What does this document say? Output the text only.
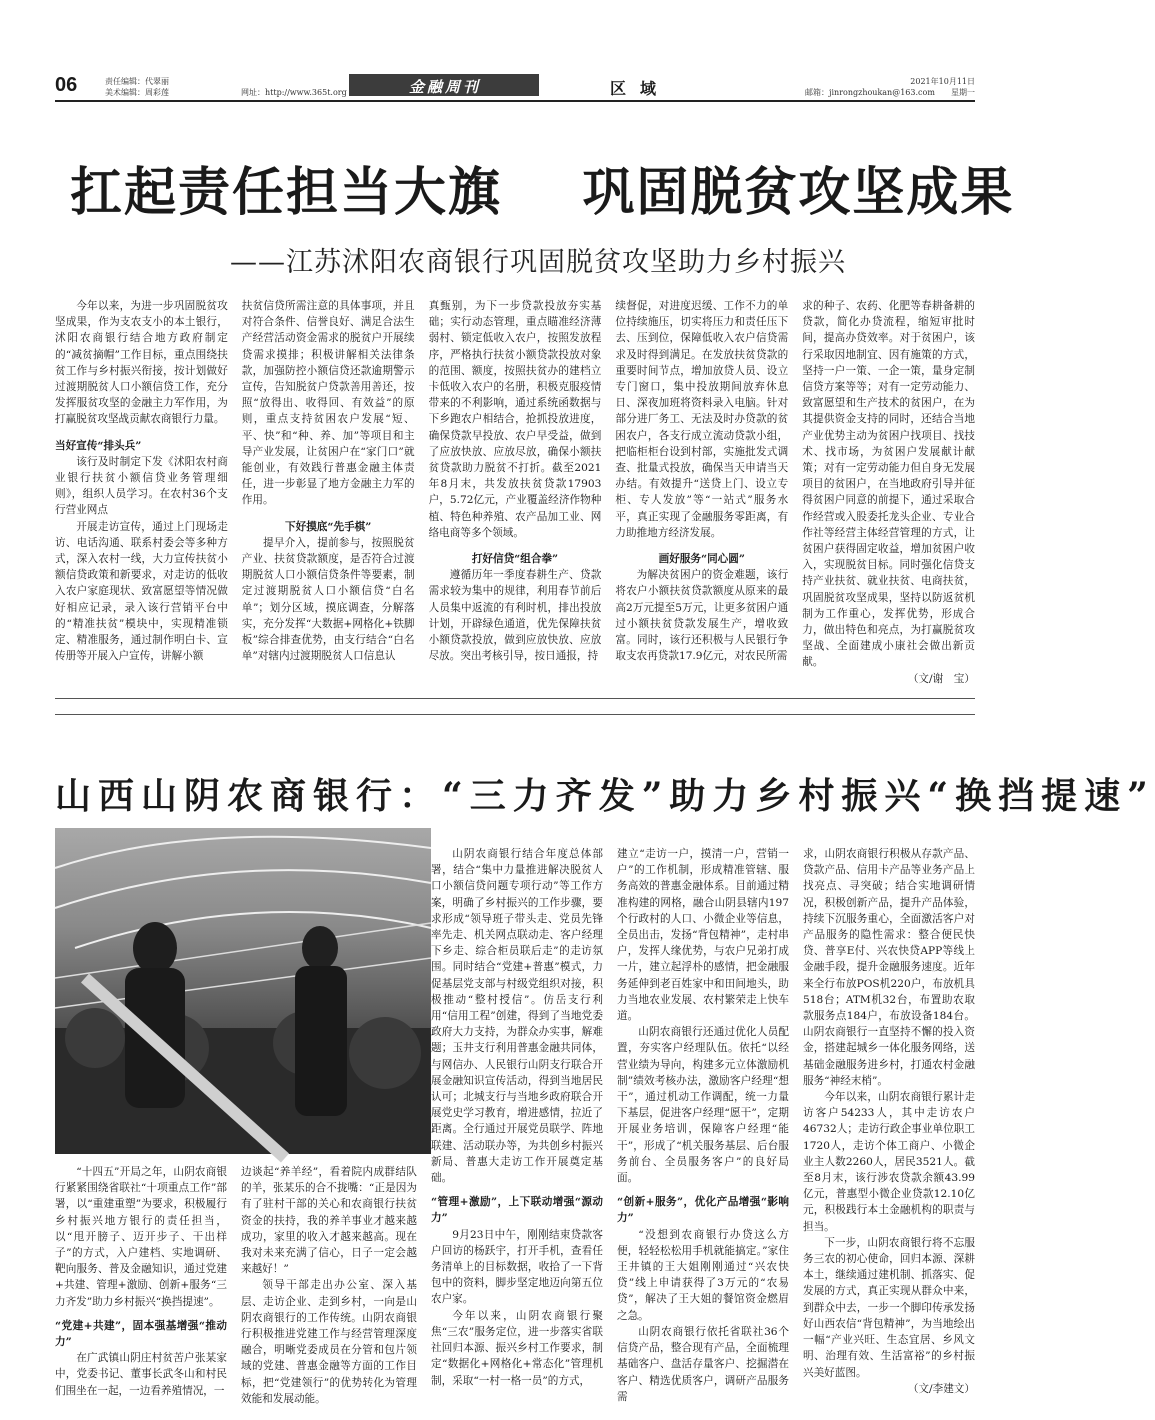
06	责任编辑：代翠丽
美术编辑：周彩莲	网址：http://www.365t.org	金融周刊	区域	邮箱：jinrongzhoukan@163.com
2021年10月11日
星期一
扛起责任担当大旗    巩固脱贫攻坚成果
——江苏沭阳农商银行巩固脱贫攻坚助力乡村振兴

今年以来，为进一步巩固脱贫攻坚成果，作为支农支小的本土银行，沭阳农商银行结合地方政府制定的“减贫摘帽”工作目标，重点围绕扶贫工作与乡村振兴衔接，按计划做好过渡期脱贫人口小额信贷工作，充分发挥服贫攻坚的金融主力军作用，为打赢脱贫攻坚战贡献农商银行力量。

当好宣传“排头兵”

该行及时制定下发《沭阳农村商业银行扶贫小额信贷业务管理细则》，组织人员学习。在农村36个支行营业网点

开展走访宣传，通过上门现场走访、电话沟通、联系村委会等多种方式，深入农村一线，大力宣传扶贫小额信贷政策和新要求，对走访的低收入农户家庭现状、致富愿望等情况做好相应记录，录入该行营销平台中的“精准扶贫”模块中，实现精准锁定、精准服务，通过制作明白卡、宣传册等开展入户宣传，讲解小额

扶贫信贷所需注意的具体事项，并且对符合条件、信誉良好、满足合法生产经营活动资金需求的脱贫户开展续贷需求摸排；积极讲解相关法律条款，加强防控小额信贷还款逾期警示宣传，告知脱贫户贷款善用善还，按照“放得出、收得回、有效益”的原则，重点支持贫困农户发展“短、平、快”和“种、养、加”等项目和主导产业发展，让贫困户在“家门口”就能创业，有效践行普惠金融主体责任，进一步彰显了地方金融主力军的作用。

下好摸底“先手棋”

提早介入，提前参与，按照脱贫产业、扶贫贷款额度，是否符合过渡期脱贫人口小额信贷条件等要素，制定过渡期脱贫人口小额信贷“白名单”；划分区域，摸底调查，分解落实，充分发挥“大数据+网格化+铁脚板”综合排查优势，由支行结合“白名单”对辖内过渡期脱贫人口信息认

真甄别，为下一步贷款投放夯实基础；实行动态管理，重点瞄准经济薄弱村、锁定低收入农户，按照发放程序，严格执行扶贫小额贷款投放对象的范围、额度，按照扶贫办的建档立卡低收入农户的名册，积极克服疫情带来的不利影响，通过系统函数据与下乡跑农户相结合，抢抓投放进度，确保贷款早投放、农户早受益，做到了应放快放、应放尽放，确保小额扶贫贷款助力脱贫不打折。截至2021年8月末，共发放扶贫贷款17903户，5.72亿元，产业覆盖经济作物种植、特色种养殖、农产品加工业、网络电商等多个领域。

打好信贷“组合拳”

遵循历年一季度春耕生产、贷款需求较为集中的规律，利用春节前后人员集中返流的有利时机，排出投放计划，开辟绿色通道，优先保障扶贫小额贷款投放，做到应放快放、应放尽放。突出考核引导，按日通报，持

续督促，对进度迟缓、工作不力的单位持续施压，切实将压力和责任压下去、压到位，保障低收入农户信贷需求及时得到满足。在发放扶贫贷款的重要时间节点，增加放贷人员、设立专门窗口，集中投放期间放弃休息日、深夜加班将资料录入电脑。针对部分进厂务工、无法及时办贷款的贫困农户，各支行成立流动贷款小组，把临柜柜台设到村部，实施批发式调查、批量式投放，确保当天申请当天办结。有效提升“送贷上门、设立专柜、专人发放”等“一站式”服务水平，真正实现了金融服务零距离，有力助推地方经济发展。

画好服务“同心圆”

为解决贫困户的资金难题，该行将农户小额扶贫贷款额度从原来的最高2万元提至5万元，让更多贫困户通过小额扶贫贷款发展生产，增收致富。同时，该行还积极与人民银行争取支农再贷款17.9亿元，对农民所需

求的种子、农药、化肥等春耕备耕的贷款，简化办贷流程，缩短审批时间，提高办贷效率。对于贫困户，该行采取因地制宜、因有施策的方式，坚持一户一策、一企一策，量身定制信贷方案等等；对有一定劳动能力、致富愿望和生产技术的贫困户，在为其提供资金支持的同时，还结合当地产业优势主动为贫困户找项目、找技术、找市场，为贫困户发展献计献策；对有一定劳动能力但自身无发展项目的贫困户，在当地政府引导并征得贫困户同意的前提下，通过采取合作经营或入股委托龙头企业、专业合作社等经营主体经营管理的方式，让贫困户获得固定收益，增加贫困户收入，实现脱贫目标。同时强化信贷支持产业扶贫、就业扶贫、电商扶贫，巩固脱贫攻坚成果，坚持以防返贫机制为工作重心，发挥优势，形成合力，做出特色和亮点，为打赢脱贫攻坚战、全面建成小康社会做出新贡献。

（文/谢　宝）
山西山阴农商银行：“三力齐发”助力乡村振兴“换挡提速”

“十四五”开局之年，山阴农商银行紧紧围绕省联社“十项重点工作”部署，以“重建重塑”为要求，积极履行乡村振兴地方银行的责任担当，以“甩开膀子、迈开步子、干出样子”的方式，入户建档、实地调研、靶向服务、普及金融知识，通过党建+共建、管理+激励、创新+服务“三力齐发”助力乡村振兴“换挡提速”。

“党建+共建”，固本强基增强“推动力”

在广武镇山阴庄村贫苦户张某家中，党委书记、董事长武冬山和村民们围坐在一起，一边看养殖情况，一

边谈起“养羊经”，看着院内成群结队的羊，张某乐的合不拢嘴：“正是因为有了驻村干部的关心和农商银行扶贫资金的扶持，我的养羊事业才越来越成功，家里的收入才越来越高。现在我对未来充满了信心，日子一定会越来越好！”

领导干部走出办公室、深入基层、走访企业、走到乡村，一向是山阴农商银行的工作传统。山阴农商银行积极推进党建工作与经营管理深度融合，明晰党委成员在分管和包片领域的党建、普惠金融等方面的工作目标，把“党建领行”的优势转化为管理效能和发展动能。

山阴农商银行结合年度总体部署，结合“集中力量推进解决脱贫人口小额信贷问题专项行动”等工作方案，明确了乡村振兴的工作步骤，要求形成“领导班子带头走、党员先锋率先走、机关网点联动走、客户经理下乡走、综合柜员联后走”的走访氛围。同时结合“党建+普惠”模式，力促基层党支部与村级党组织对接，积极推动“整村授信”。仿岳支行利用“信用工程”创建，得到了当地党委政府大力支持，为群众办实事，解难题；玉井支行利用普惠金融共同体，与网信办、人民银行山阴支行联合开展金融知识宣传活动，得到当地居民认可；北城支行与当地乡政府联合开展党史学习教育，增进感情，拉近了距离。全行通过开展党员联学、阵地联建、活动联办等，为共创乡村振兴新局、普惠大走访工作开展奠定基础。

“管理+激励”，上下联动增强“源动力”

9月23日中午，刚刚结束贷款客户回访的杨跃宇，打开手机，查看任务清单上的目标数据，收拾了一下背包中的资料，脚步坚定地迈向第五位农户家。

今年以来，山阴农商银行聚焦“三农”服务定位，进一步落实省联社回归本源、振兴乡村工作要求，制定“数据化+网格化+常态化”管理机制，采取“一村一格一员”的方式，

建立“走访一户，摸清一户，营销一户”的工作机制，形成精准管辖、服务高效的普惠金融体系。目前通过精准构建的网格，融合山阴县辖内197个行政村的人口、小微企业等信息，全员出击，发扬“背包精神”，走村串户，发挥人缘优势，与农户兄弟打成一片，建立起浮朴的感情，把金融服务延伸到老百姓家中和田间地头，助力当地农业发展、农村繁荣走上快车道。

山阴农商银行还通过优化人员配置，夯实客户经理队伍。依托“以经营业绩为导向，构建多元立体激励机制”绩效考核办法，激励客户经理“想干”，通过机动工作调配，统一力量下基层，促进客户经理“愿干”，定期开展业务培训，保障客户经理“能干”，形成了“机关服务基层、后台服务前台、全员服务客户”的良好局面。

“创新+服务”，优化产品增强“影响力”

“没想到农商银行办贷这么方便，轻轻松松用手机就能搞定。”家住王井镇的王大姐刚刚通过“兴农快贷”线上申请获得了3万元的“农易贷”，解决了王大姐的餐馆资金燃眉之急。

山阴农商银行依托省联社36个信贷产品，整合现有产品，全面梳理基础客户、盘活存量客户、挖掘潜在客户、精选优质客户，调研产品服务需

求，山阴农商银行积极从存款产品、贷款产品、信用卡产品等业务产品上找亮点、寻突破；结合实地调研情况，积极创新产品，提升产品体验，持续下沉服务重心，全面激活客户对产品服务的隐性需求：整合便民快贷、普享E付、兴农快贷APP等线上金融手段，提升金融服务速度。近年来全行布放POS机220户，布放机具518台；ATM机32台，布置助农取款服务点184户，布放设备184台。山阴农商银行一直坚持不懈的投入资金，搭建起城乡一体化服务网络，送基础金融服务进乡村，打通农村金融服务“神经末梢”。

今年以来，山阴农商银行累计走访客户54233人，其中走访农户46732人；走访行政企事业单位职工1720人，走访个体工商户、小微企业主人数2260人，居民3521人。截至8月末，该行涉农贷款余额43.99亿元，普惠型小微企业贷款12.10亿元，积极践行本土金融机构的职责与担当。

下一步，山阴农商银行将不忘服务三农的初心使命，回归本源、深耕本土，继续通过建机制、抓落实、促发展的方式，真正实现从群众中来，到群众中去，一步一个脚印传承发扬好山西农信“背包精神”，为当地绘出一幅“产业兴旺、生态宜居、乡风文明、治理有效、生活富裕”的乡村振兴美好蓝图。

（文/李建文）
